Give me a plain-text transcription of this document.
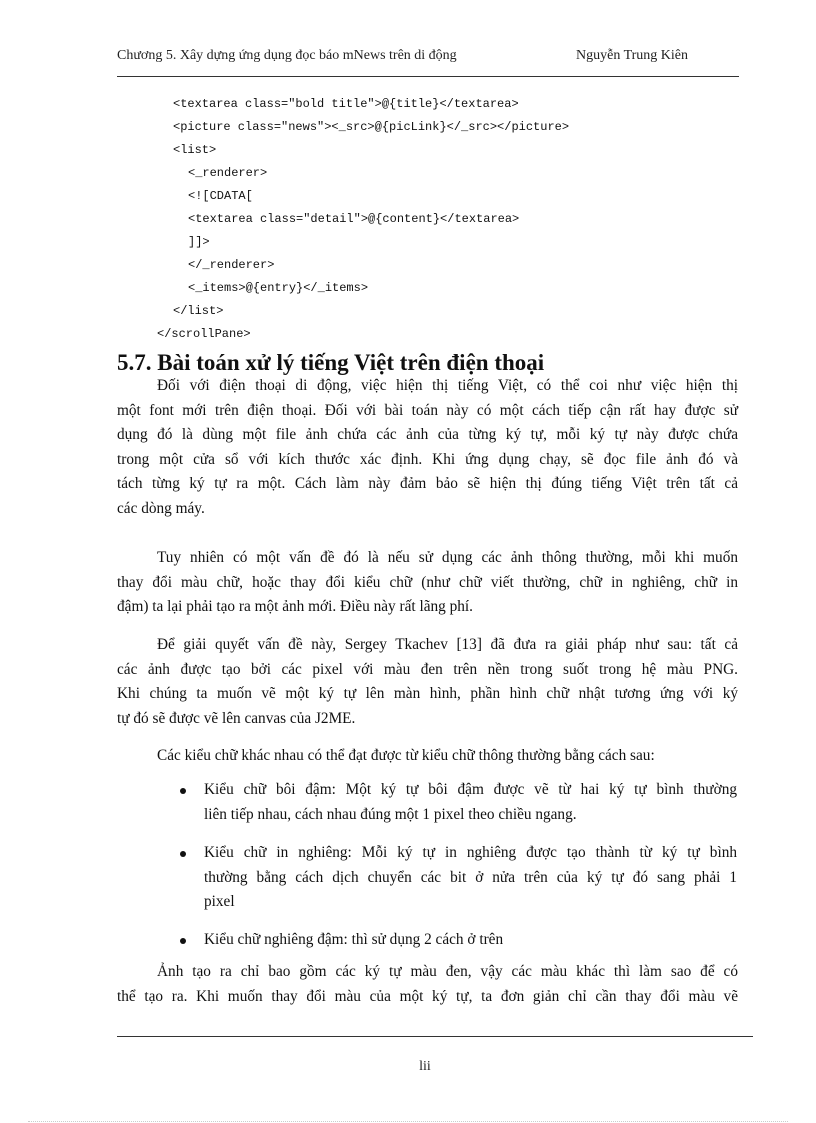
Chương 5. Xây dựng ứng dụng đọc báo mNews trên di động	Nguyễn Trung Kiên
<textarea class="bold title">@{title}</textarea>
<picture class="news"><_src>@{picLink}</_src></picture>
<list>
<_renderer>
<![CDATA[
<textarea class="detail">@{content}</textarea>
]]>
</_renderer>
<_items>@{entry}</_items>
</list>
</scrollPane>
5.7. Bài toán xử lý tiếng Việt trên điện thoại
Đối với điện thoại di động, việc hiện thị tiếng Việt, có thể coi như việc hiện thị
một font mới trên điện thoại. Đối với bài toán này có một cách tiếp cận rất hay được sử
dụng đó là dùng một file ảnh chứa các ảnh của từng ký tự, mỗi ký tự này được chứa
trong một cửa sổ với kích thước xác định. Khi ứng dụng chạy, sẽ đọc file ảnh đó và
tách từng ký tự ra một. Cách làm này đảm bảo sẽ hiện thị đúng tiếng Việt trên tất cả
các dòng máy.
Tuy nhiên có một vấn đề đó là nếu sử dụng các ảnh thông thường, mỗi khi muốn
thay đổi màu chữ, hoặc thay đổi kiểu chữ (như chữ viết thường, chữ in nghiêng, chữ in
đậm) ta lại phải tạo ra một ảnh mới. Điều này rất lãng phí.
Để giải quyết vấn đề này, Sergey Tkachev [13] đã đưa ra giải pháp như sau: tất cả
các ảnh được tạo bởi các pixel với màu đen trên nền trong suốt trong hệ màu PNG.
Khi chúng ta muốn vẽ một ký tự lên màn hình, phần hình chữ nhật tương ứng với ký
tự đó sẽ được vẽ lên canvas của J2ME.
Các kiểu chữ khác nhau có thể đạt được từ kiểu chữ thông thường bằng cách sau:
Kiểu chữ bôi đậm: Một ký tự bôi đậm được vẽ từ hai ký tự bình thường
liên tiếp nhau, cách nhau đúng một 1 pixel theo chiều ngang.
Kiểu chữ in nghiêng: Mỗi ký tự in nghiêng được tạo thành từ ký tự bình
thường bằng cách dịch chuyển các bit ở nửa trên của ký tự đó sang phải 1
pixel
Kiểu chữ nghiêng đậm: thì sử dụng 2 cách ở trên
Ảnh tạo ra chỉ bao gồm các ký tự màu đen, vậy các màu khác thì làm sao để có
thể tạo ra. Khi muốn thay đổi màu của một ký tự, ta đơn giản chỉ cần thay đổi màu vẽ
lii
